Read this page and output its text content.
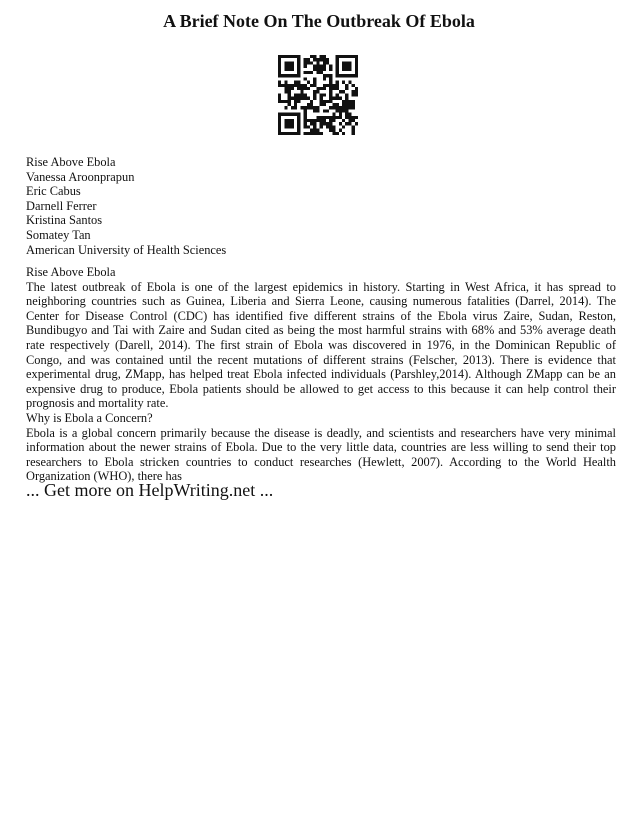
A Brief Note On The Outbreak Of Ebola
Rise Above Ebola
Vanessa Aroonprapun
Eric Cabus
Darnell Ferrer
Kristina Santos
Somatey Tan
American University of Health Sciences

Rise Above Ebola

The latest outbreak of Ebola is one of the largest epidemics in history. Starting in West Africa, it has spread to neighboring countries such as Guinea, Liberia and Sierra Leone, causing numerous fatalities (Darrel, 2014). The Center for Disease Control (CDC) has identified five different strains of the Ebola virus Zaire, Sudan, Reston, Bundibugyo and Tai with Zaire and Sudan cited as being the most harmful strains with 68% and 53% average death rate respectively (Darell, 2014). The first strain of Ebola was discovered in 1976, in the Dominican Republic of Congo, and was contained until the recent mutations of different strains (Felscher, 2013). There is evidence that experimental drug, ZMapp, has helped treat Ebola infected individuals (Parshley,2014). Although ZMapp can be an expensive drug to produce, Ebola patients should be allowed to get access to this because it can help control their prognosis and mortality rate.

Why is Ebola a Concern?

Ebola is a global concern primarily because the disease is deadly, and scientists and researchers have very minimal information about the newer strains of Ebola. Due to the very little data, countries are less willing to send their top researchers to Ebola stricken countries to conduct researches (Hewlett, 2007). According to the World Health Organization (WHO), there has

... Get more on HelpWriting.net ...
